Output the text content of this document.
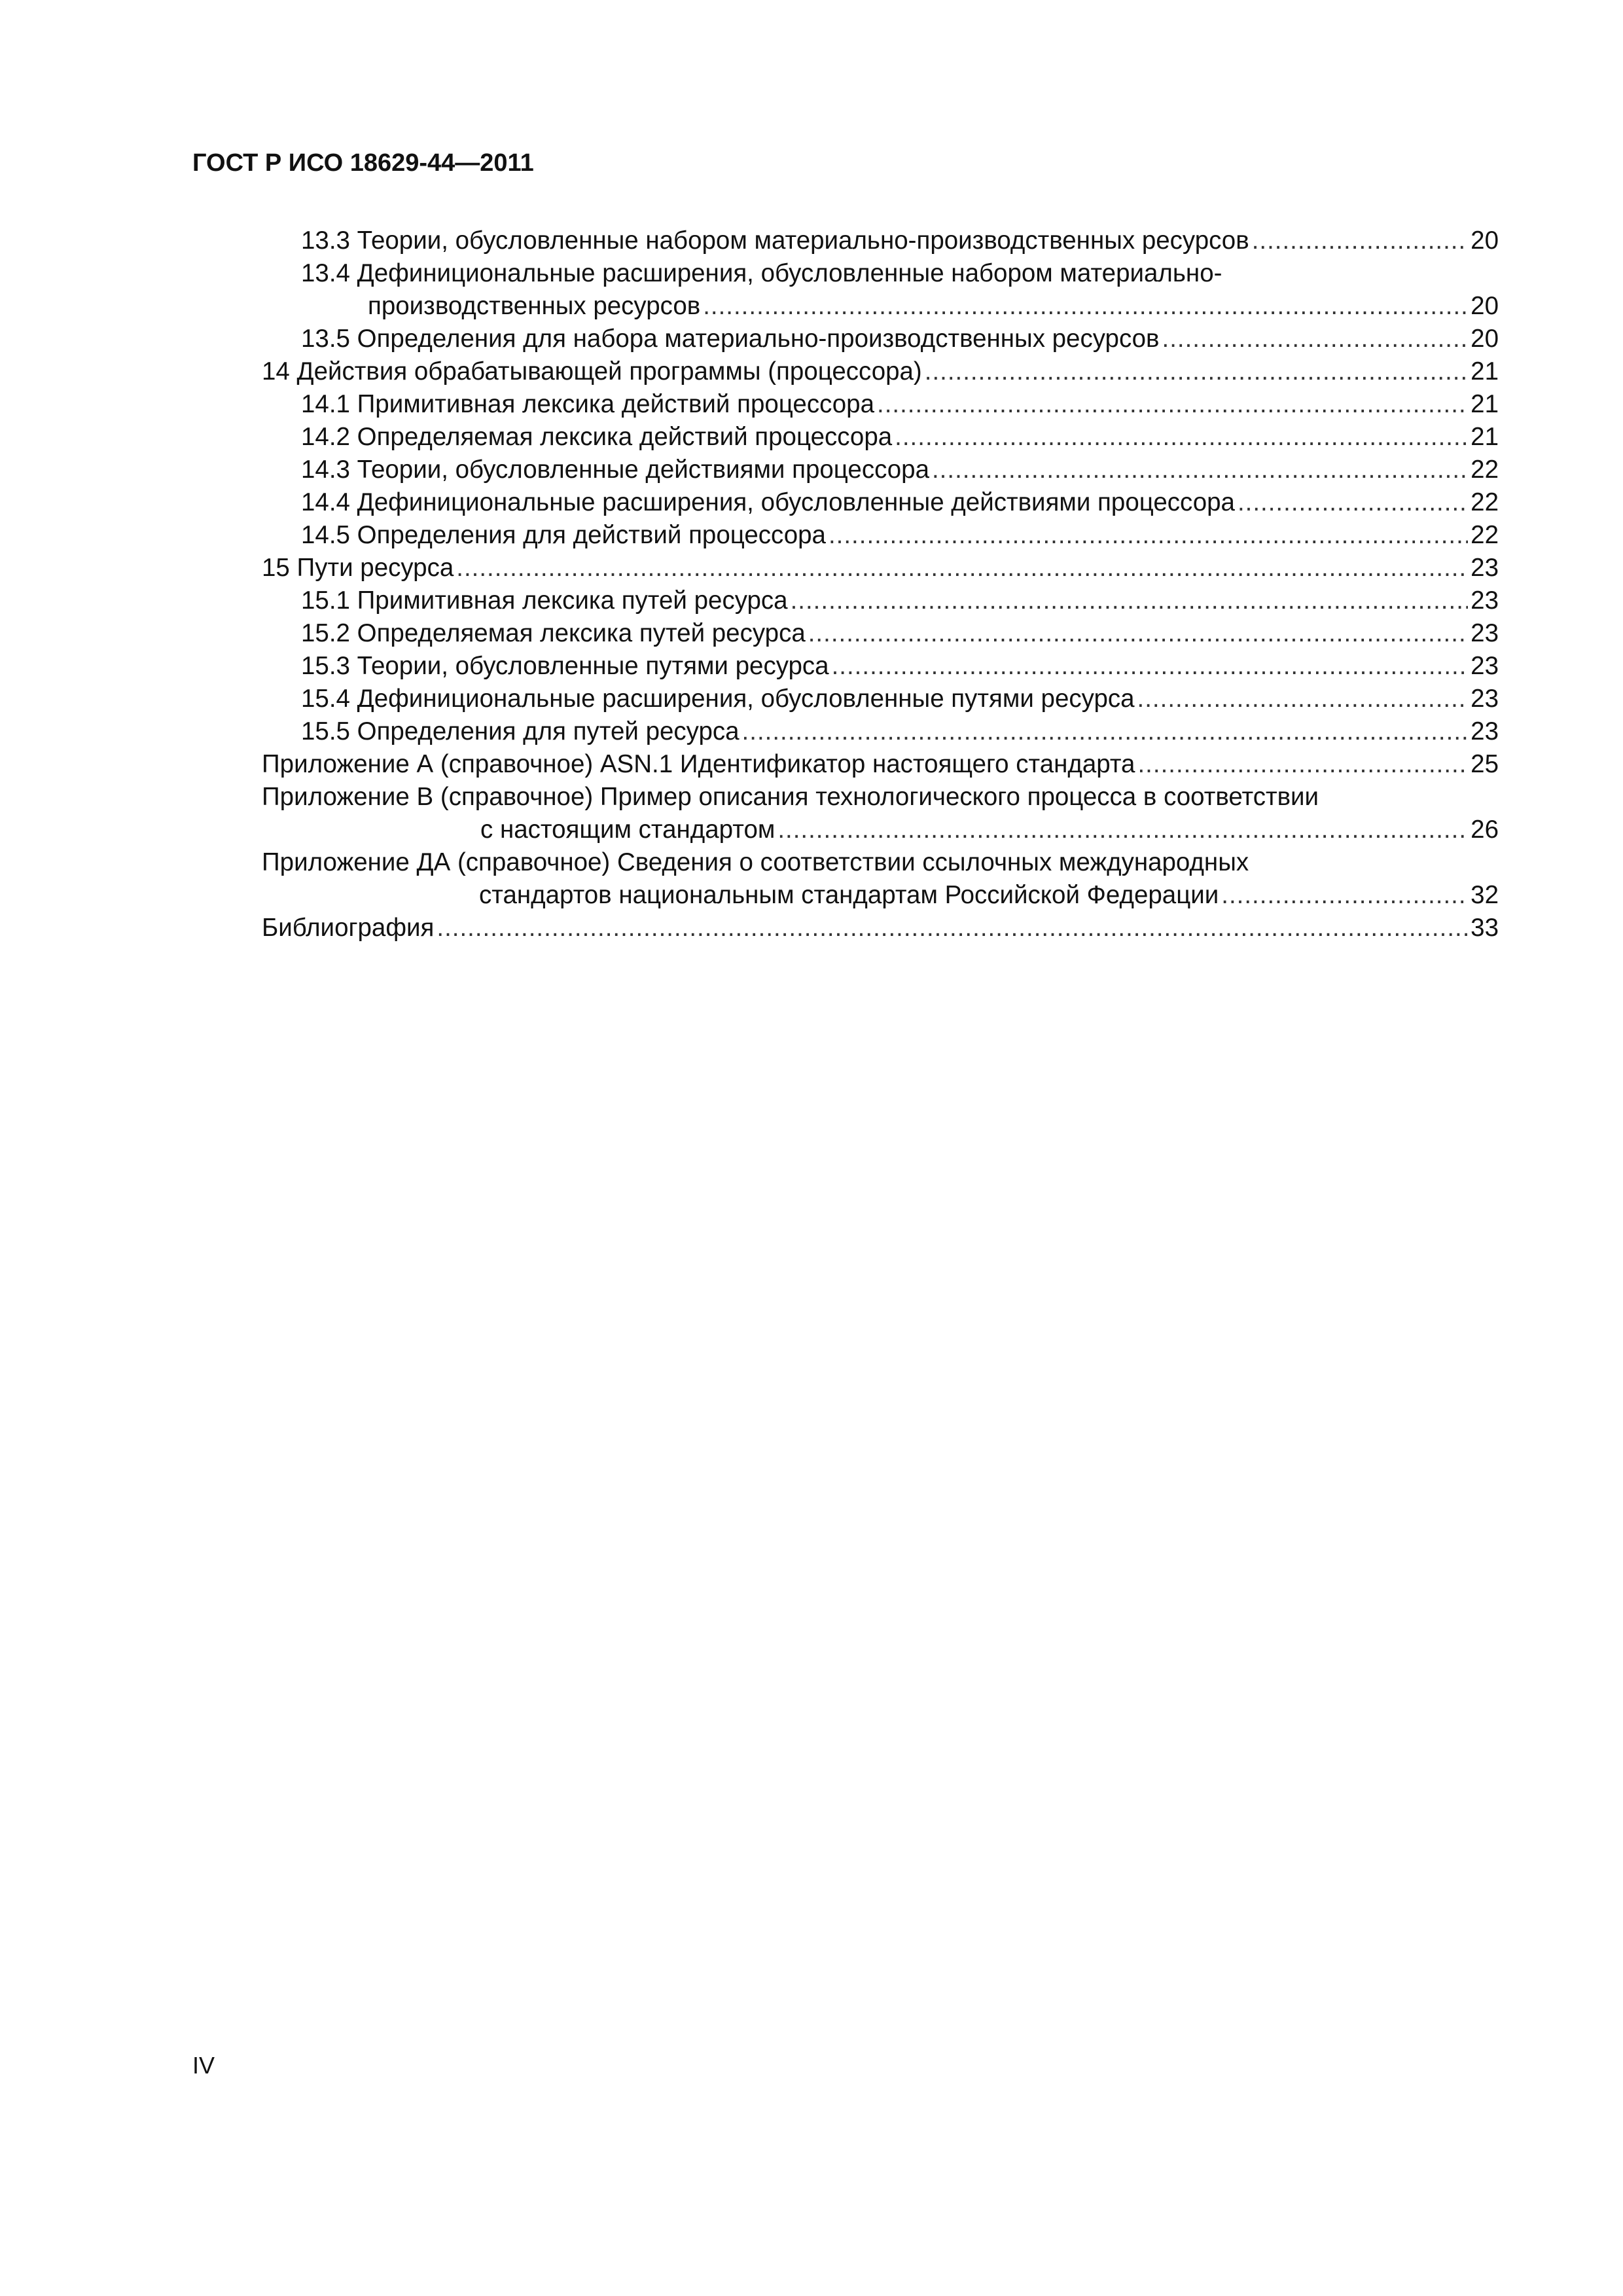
ГОСТ Р ИСО 18629-44—2011
13.3 Теории, обусловленные набором материально-производственных ресурсов .....	20
13.4 Дефинициональные расширения, обусловленные набором материально-
производственных ресурсов .....	20
13.5 Определения для набора материально-производственных ресурсов .....	20
14 Действия обрабатывающей программы (процессора) .....	21
14.1 Примитивная лексика действий процессора .....	21
14.2 Определяемая лексика действий процессора .....	21
14.3 Теории, обусловленные действиями процессора .....	22
14.4 Дефинициональные расширения, обусловленные действиями процессора .....	22
14.5 Определения для действий процессора .....	22
15 Пути ресурса .....	23
15.1 Примитивная лексика путей ресурса .....	23
15.2 Определяемая лексика путей ресурса .....	23
15.3 Теории, обусловленные путями ресурса .....	23
15.4 Дефинициональные расширения, обусловленные путями ресурса .....	23
15.5 Определения для путей ресурса .....	23
Приложение А (справочное) ASN.1 Идентификатор настоящего стандарта .....	25
Приложение В (справочное) Пример описания технологического процесса в соответствии
с настоящим стандартом .....	26
Приложение ДА (справочное) Сведения о соответствии ссылочных международных
стандартов национальным стандартам Российской Федерации .....	32
Библиография .....	33
IV
